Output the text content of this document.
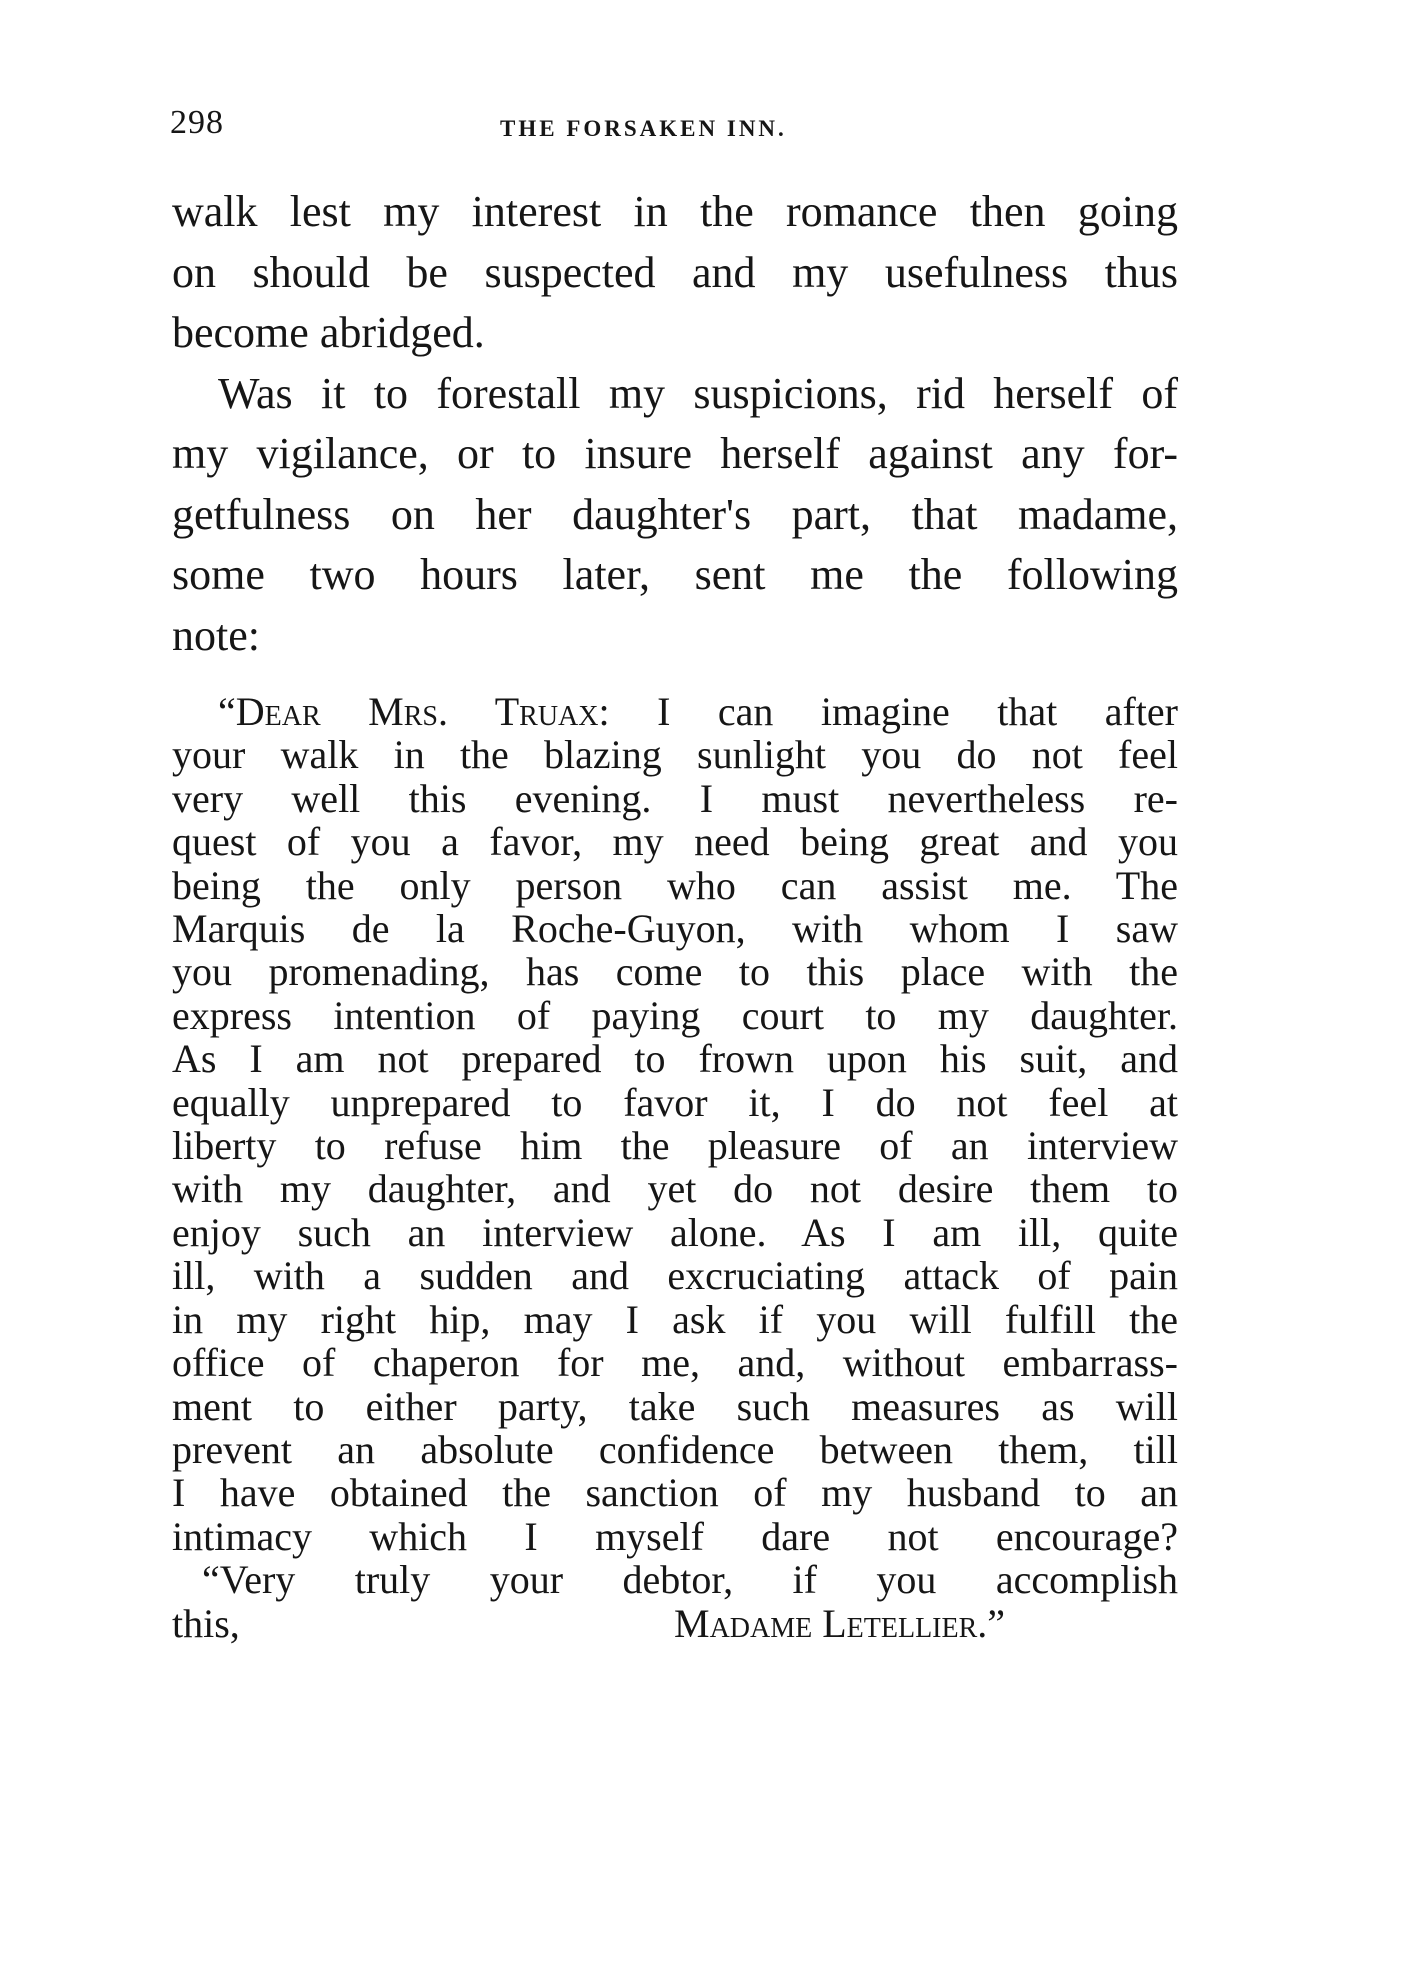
298	THE FORSAKEN INN.

walk lest my interest in the romance then going
on should be suspected and my usefulness thus
become abridged.

Was it to forestall my suspicions, rid herself of
my vigilance, or to insure herself against any for-
getfulness on her daughter's part, that madame,
some two hours later, sent me the following
note:

“Dear Mrs. Truax: I can imagine that after
your walk in the blazing sunlight you do not feel
very well this evening. I must nevertheless re-
quest of you a favor, my need being great and you
being the only person who can assist me. The
Marquis de la Roche-Guyon, with whom I saw
you promenading, has come to this place with the
express intention of paying court to my daughter.
As I am not prepared to frown upon his suit, and
equally unprepared to favor it, I do not feel at
liberty to refuse him the pleasure of an interview
with my daughter, and yet do not desire them to
enjoy such an interview alone. As I am ill, quite
ill, with a sudden and excruciating attack of pain
in my right hip, may I ask if you will fulfill the
office of chaperon for me, and, without embarrass-
ment to either party, take such measures as will
prevent an absolute confidence between them, till
I have obtained the sanction of my husband to an
intimacy which I myself dare not encourage?
“Very truly your debtor, if you accomplish
this,	Madame Letellier.”
